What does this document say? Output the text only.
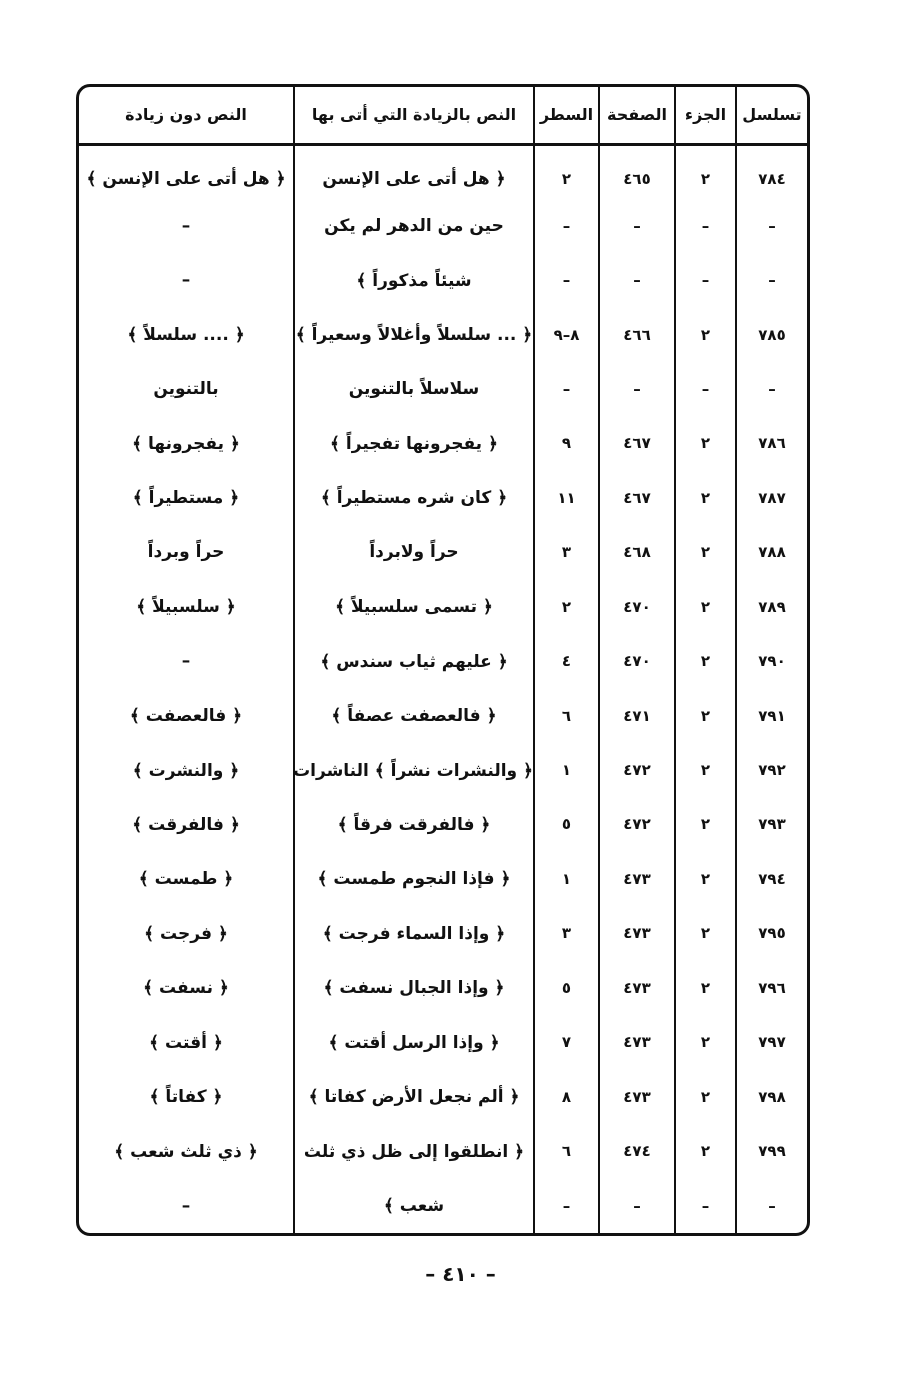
تسلسل	الجزء	الصفحة	السطر	النص بالزيادة التي أتى بها	النص دون زيادة
٧٨٤	٢	٤٦٥	٢	﴿ هل أتى على الإنسن	﴿ هل أتى على الإنسن ﴾
–	–	–	–	حين من الدهر لم يكن	–
–	–	–	–	شيئاً مذكوراً ﴾	–
٧٨٥	٢	٤٦٦	٨–٩	﴿ ... سلسلاً وأغلالاً وسعيراً ﴾	﴿ .... سلسلاً ﴾
–	–	–	–	سلاسلاً بالتنوين	بالتنوين
٧٨٦	٢	٤٦٧	٩	﴿ يفجرونها تفجيراً ﴾	﴿ يفجرونها ﴾
٧٨٧	٢	٤٦٧	١١	﴿ كان شره مستطيراً ﴾	﴿ مستطيراً ﴾
٧٨٨	٢	٤٦٨	٣	حراً ولابرداً	حراً وبرداً
٧٨٩	٢	٤٧٠	٢	﴿ تسمى سلسبيلاً ﴾	﴿ سلسبيلاً ﴾
٧٩٠	٢	٤٧٠	٤	﴿ عليهم ثياب سندس ﴾	–
٧٩١	٢	٤٧١	٦	﴿ فالعصفت عصفاً ﴾	﴿ فالعصفت ﴾
٧٩٢	٢	٤٧٢	١	﴿ والنشرات نشراً ﴾ الناشرات	﴿ والنشرت ﴾
٧٩٣	٢	٤٧٢	٥	﴿ فالفرقت فرقاً ﴾	﴿ فالفرقت ﴾
٧٩٤	٢	٤٧٣	١	﴿ فإذا النجوم طمست ﴾	﴿ طمست ﴾
٧٩٥	٢	٤٧٣	٣	﴿ وإذا السماء فرجت ﴾	﴿ فرجت ﴾
٧٩٦	٢	٤٧٣	٥	﴿ وإذا الجبال نسفت ﴾	﴿ نسفت ﴾
٧٩٧	٢	٤٧٣	٧	﴿ وإذا الرسل أقتت ﴾	﴿ أقتت ﴾
٧٩٨	٢	٤٧٣	٨	﴿ ألم نجعل الأرض كفاتا ﴾	﴿ كفاتاً ﴾
٧٩٩	٢	٤٧٤	٦	﴿ انطلقوا إلى ظل ذي ثلث	﴿ ذي ثلث شعب ﴾
–	–	–	–	شعب ﴾	–
– ٤١٠ –
